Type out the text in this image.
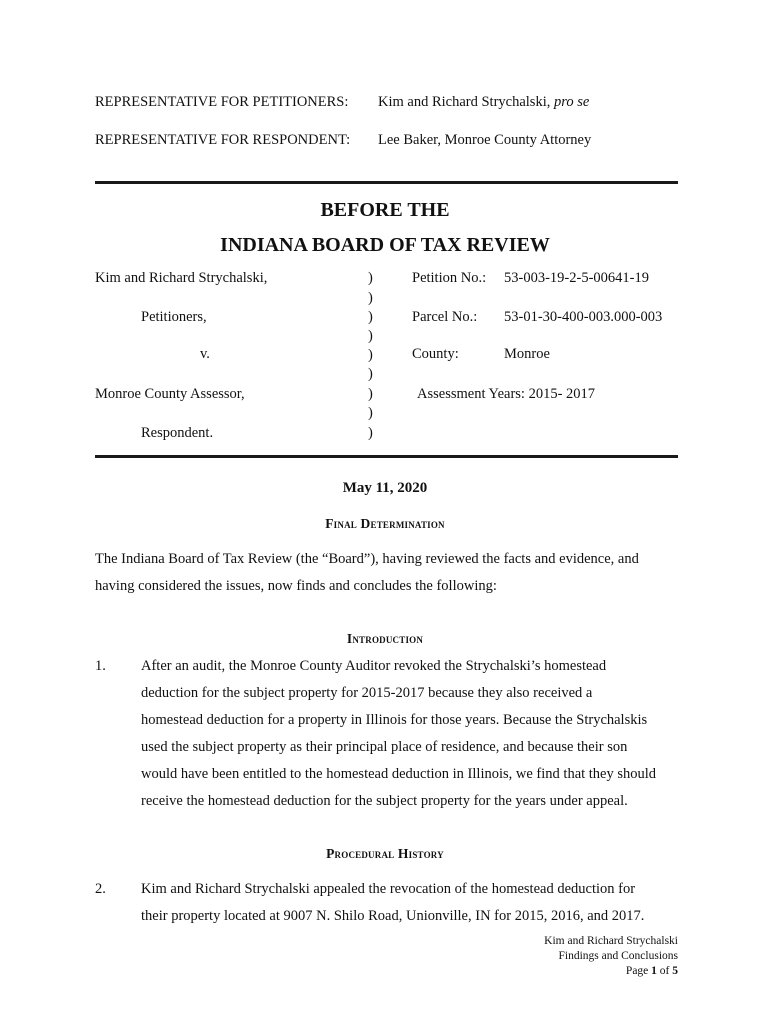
REPRESENTATIVE FOR PETITIONERS: Kim and Richard Strychalski, pro se
REPRESENTATIVE FOR RESPONDENT: Lee Baker, Monroe County Attorney
BEFORE THE
INDIANA BOARD OF TAX REVIEW
Kim and Richard Strychalski,
Petitioners,
v.
Monroe County Assessor,
Respondent.
)
)
)
)
)
)
)
)
)
Petition No.: 53-003-19-2-5-00641-19
Parcel No.: 53-01-30-400-003.000-003
County:	Monroe
Assessment Years: 2015- 2017
May 11, 2020
Final Determination
The Indiana Board of Tax Review (the “Board”), having reviewed the facts and evidence, and
having considered the issues, now finds and concludes the following:
Introduction
1. After an audit, the Monroe County Auditor revoked the Strychalski’s homestead
deduction for the subject property for 2015-2017 because they also received a
homestead deduction for a property in Illinois for those years. Because the Strychalskis
used the subject property as their principal place of residence, and because their son
would have been entitled to the homestead deduction in Illinois, we find that they should
receive the homestead deduction for the subject property for the years under appeal.
Procedural History
2. Kim and Richard Strychalski appealed the revocation of the homestead deduction for
their property located at 9007 N. Shilo Road, Unionville, IN for 2015, 2016, and 2017.
Kim and Richard Strychalski
Findings and Conclusions
Page 1 of 5
